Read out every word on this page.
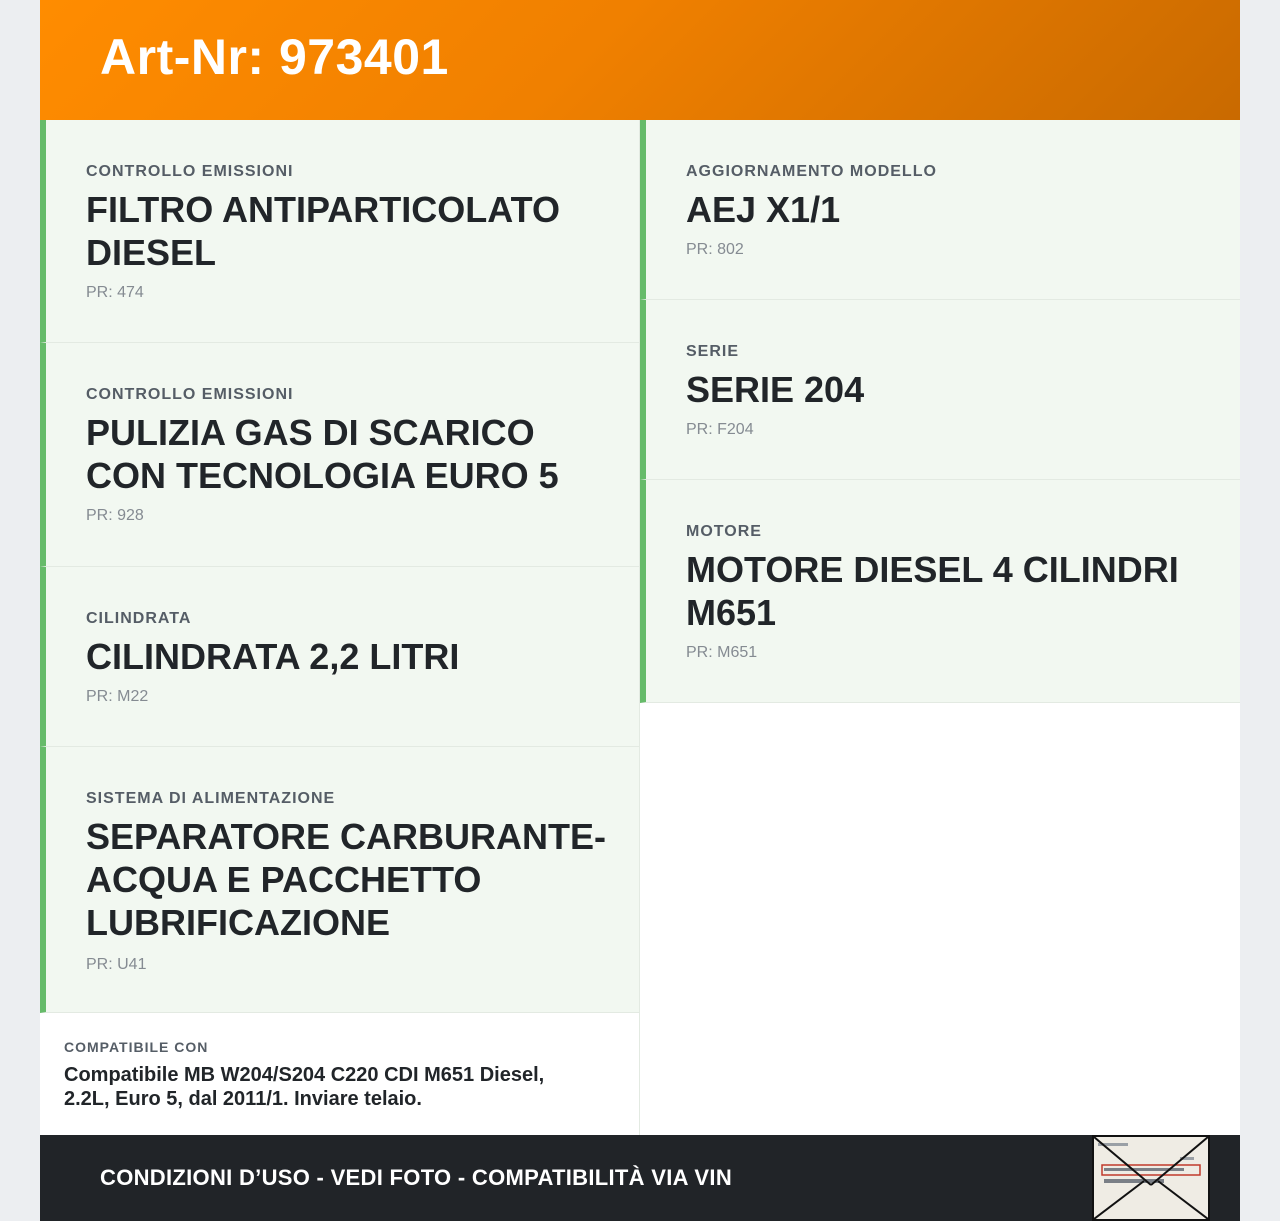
Art-Nr: 973401
CONTROLLO EMISSIONI
FILTRO ANTIPARTICOLATO
DIESEL
PR: 474
CONTROLLO EMISSIONI
PULIZIA GAS DI SCARICO
CON TECNOLOGIA EURO 5
PR: 928
CILINDRATA
CILINDRATA 2,2 LITRI
PR: M22
SISTEMA DI ALIMENTAZIONE
SEPARATORE CARBURANTE-
ACQUA E PACCHETTO
LUBRIFICAZIONE
PR: U41
AGGIORNAMENTO MODELLO
AEJ X1/1
PR: 802
SERIE
SERIE 204
PR: F204
MOTORE
MOTORE DIESEL 4 CILINDRI
M651
PR: M651
COMPATIBILE CON
Compatibile MB W204/S204 C220 CDI M651 Diesel,
2.2L, Euro 5, dal 2011/1. Inviare telaio.
CONDIZIONI D’USO - VEDI FOTO - COMPATIBILITÀ VIA VIN
